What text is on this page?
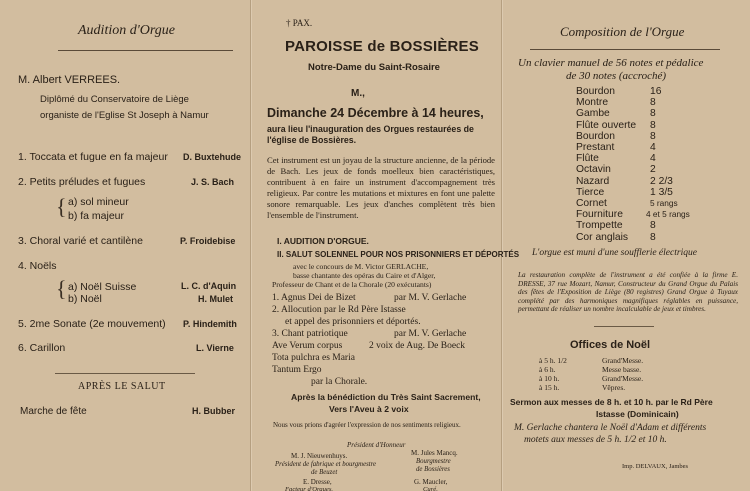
Audition d'Orgue
M. Albert VERREES.
Diplômé du Conservatoire de Liège
organiste de l'Eglise St Joseph à Namur
1. Toccata et fugue en fa majeur D. Buxtehude
2. Petits préludes et fugues	J. S. Bach
{ a) sol mineur
b) fa majeur
3. Choral varié et cantilène	P. Froidebise
4. Noëls
{ a) Noël Suisse	L. C. d'Aquin
b) Noël	H. Mulet
5. 2me Sonate (2e mouvement) P. Hindemith
6. Carillon	L. Vierne
APRÈS LE SALUT
Marche de fête	H. Bubber
† PAX.
PAROISSE de BOSSIÈRES
Notre-Dame du Saint-Rosaire
M.,
Dimanche 24 Décembre à 14 heures,
aura lieu l'inauguration des Orgues restaurées de l'église de Bossières.
Cet instrument est un joyau de la structure ancienne, de la période de Bach. Les jeux de fonds moelleux bien caractéristiques, contribuent à en faire un instrument d'accompagnement très religieux. Par contre les mutations et mixtures en font une palette sonore remarquable. Les jeux d'anches complètent très bien l'ensemble de l'instrument.
I. AUDITION D'ORGUE.
II. SALUT SOLENNEL POUR NOS PRISONNIERS ET DÉPORTÉS
avec le concours de M. Victor GERLACHE,
basse chantante des opéras du Caire et d'Alger,
Professeur de Chant et de la Chorale (20 exécutants)
1. Agnus Dei de Bizet	par M. V. Gerlache
2. Allocution par le Rd Père Istasse
et appel des prisonniers et déportés.
3. Chant patriotique	par M. V. Gerlache
Ave Verum corpus	2 voix de Aug. De Boeck
Tota pulchra es Maria
Tantum Ergo
par la Chorale.
Après la bénédiction du Très Saint Sacrement,
Vers l'Aveu à 2 voix
Nous vous prions d'agréer l'expression de nos sentiments religieux.
Président d'Honneur
M. J. Nieuwenhuys.
Président de fabrique et bourgmestre
de Beuzet
M. Jules Mancq.
Bourgmestre
de Bossières
E. Dresse,
Facteur d'Orgues.
G. Maucler,
Curé.
Composition de l'Orgue
Un clavier manuel de 56 notes et pédalice
de 30 notes (accroché)
Bourdon	16
Montre	8
Gambe	8
Flûte ouverte 8
Bourdon	8
Prestant	4
Flûte	4
Octavin	2
Nazard	2 2/3
Tierce	1 3/5
Cornet	5 rangs
Fourniture	4 et 5 rangs
Trompette	8
Cor anglais 8
L'orgue est muni d'une soufflerie électrique
La restauration complète de l'instrument a été confiée à la firme E. DRESSE, 37 rue Mozart, Namur, Constructeur du Grand Orgue du Palais des fêtes de l'Exposition de Liège (80 registres) Grand Orgue à Tuyaux complété par des harmoniques magnifiques réglables en puissance, permettant de réaliser un nombre incalculable de jeux et timbres.
Offices de Noël
à 5 h. 1/2	Grand'Messe.
à 6 h.	Messe basse.
à 10 h.	Grand'Messe.
à 15 h.	Vêpres.
Sermon aux messes de 8 h. et 10 h. par le Rd Père
Istasse (Dominicain)
M. Gerlache chantera le Noël d'Adam et différents
motets aux messes de 5 h. 1/2 et 10 h.
Imp. DELVAUX, Jambes
